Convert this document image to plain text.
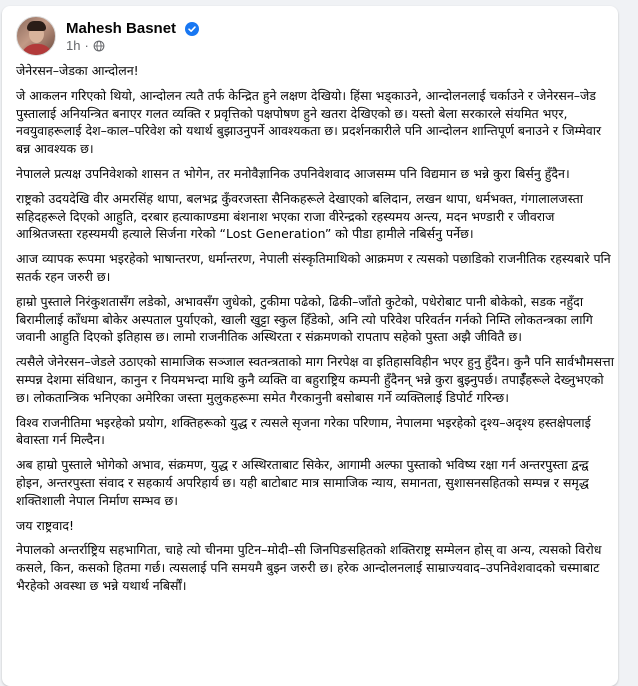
Mahesh Basnet
1h ·

जेनेरसन–जेडका आन्दोलन!

जे आकलन गरिएको थियो, आन्दोलन त्यतै तर्फ केन्द्रित हुने लक्षण देखियो। हिंसा भड्काउने, आन्दोलनलाई चर्काउने र जेनेरसन–जेड पुस्तालाई अनियन्त्रित बनाएर गलत व्यक्ति र प्रवृत्तिको पक्षपोषण हुने खतरा देखिएको छ। यस्तो बेला सरकारले संयमित भएर, नवयुवाहरूलाई देश–काल–परिवेश को यथार्थ बुझाउनुपर्ने आवश्यकता छ। प्रदर्शनकारीले पनि आन्दोलन शान्तिपूर्ण बनाउने र जिम्मेवार बन्न आवश्यक छ।

नेपालले प्रत्यक्ष उपनिवेशको शासन त भोगेन, तर मनोवैज्ञानिक उपनिवेशवाद आजसम्म पनि विद्यमान छ भन्ने कुरा बिर्सनु हुँदैन।

राष्ट्रको उदयदेखि वीर अमरसिंह थापा, बलभद्र कुँवरजस्ता सैनिकहरूले देखाएको बलिदान, लखन थापा, धर्मभक्त, गंगालालजस्ता सहिदहरूले दिएको आहुति, दरबार हत्याकाण्डमा बंशनाश भएका राजा वीरेन्द्रको रहस्यमय अन्त्य, मदन भण्डारी र जीवराज आश्रितजस्ता रहस्यमयी हत्याले सिर्जना गरेको “Lost Generation” को पीडा हामीले नबिर्सनु पर्नेछ।

आज व्यापक रूपमा भइरहेको भाषान्तरण, धर्मान्तरण, नेपाली संस्कृतिमाथिको आक्रमण र त्यसको पछाडिको राजनीतिक रहस्यबारे पनि सतर्क रहन जरुरी छ।

हाम्रो पुस्ताले निरंकुशतासँग लडेको, अभावसँग जुधेको, टुकीमा पढेको, ढिकी–जाँतो कुटेको, पधेरोबाट पानी बोकेको, सडक नहुँदा बिरामीलाई काँधमा बोकेर अस्पताल पुर्याएको, खाली खुट्टा स्कुल हिँडेको, अनि त्यो परिवेश परिवर्तन गर्नको निम्ति लोकतन्त्रका लागि जवानी आहुति दिएको इतिहास छ। लामो राजनीतिक अस्थिरता र संक्रमणको रापताप सहेको पुस्ता अझै जीवितै छ।

त्यसैले जेनेरसन–जेडले उठाएको सामाजिक सञ्जाल स्वतन्त्रताको माग निरपेक्ष वा इतिहासविहीन भएर हुनु हुँदैन। कुनै पनि सार्वभौमसत्ता सम्पन्न देशमा संविधान, कानुन र नियमभन्दा माथि कुनै व्यक्ति वा बहुराष्ट्रिय कम्पनी हुँदैनन् भन्ने कुरा बुझ्नुपर्छ। तपाईँहरूले देख्नुभएको छ। लोकतान्त्रिक भनिएका अमेरिका जस्ता मुलुकहरूमा समेत गैरकानुनी बसोबास गर्ने व्यक्तिलाई डिपोर्ट गरिन्छ।

विश्व राजनीतिमा भइरहेको प्रयोग, शक्तिहरूको युद्ध र त्यसले सृजना गरेका परिणाम, नेपालमा भइरहेको दृश्य–अदृश्य हस्तक्षेपलाई बेवास्ता गर्न मिल्दैन।

अब हाम्रो पुस्ताले भोगेको अभाव, संक्रमण, युद्ध र अस्थिरताबाट सिकेर, आगामी अल्फा पुस्ताको भविष्य रक्षा गर्न अन्तरपुस्ता द्वन्द्व होइन, अन्तरपुस्ता संवाद र सहकार्य अपरिहार्य छ। यही बाटोबाट मात्र सामाजिक न्याय, समानता, सुशासनसहितको सम्पन्न र समृद्ध शक्तिशाली नेपाल निर्माण सम्भव छ।

जय राष्ट्रवाद!

नेपालको अन्तर्राष्ट्रिय सहभागिता, चाहे त्यो चीनमा पुटिन–मोदी–सी जिनपिङसहितको शक्तिराष्ट्र सम्मेलन होस् वा अन्य, त्यसको विरोध कसले, किन, कसको हितमा गर्छ। त्यसलाई पनि समयमै बुझ्न जरुरी छ। हरेक आन्दोलनलाई साम्राज्यवाद–उपनिवेशवादको चस्माबाट भैरहेको अवस्था छ भन्ने यथार्थ नबिर्सौं।
